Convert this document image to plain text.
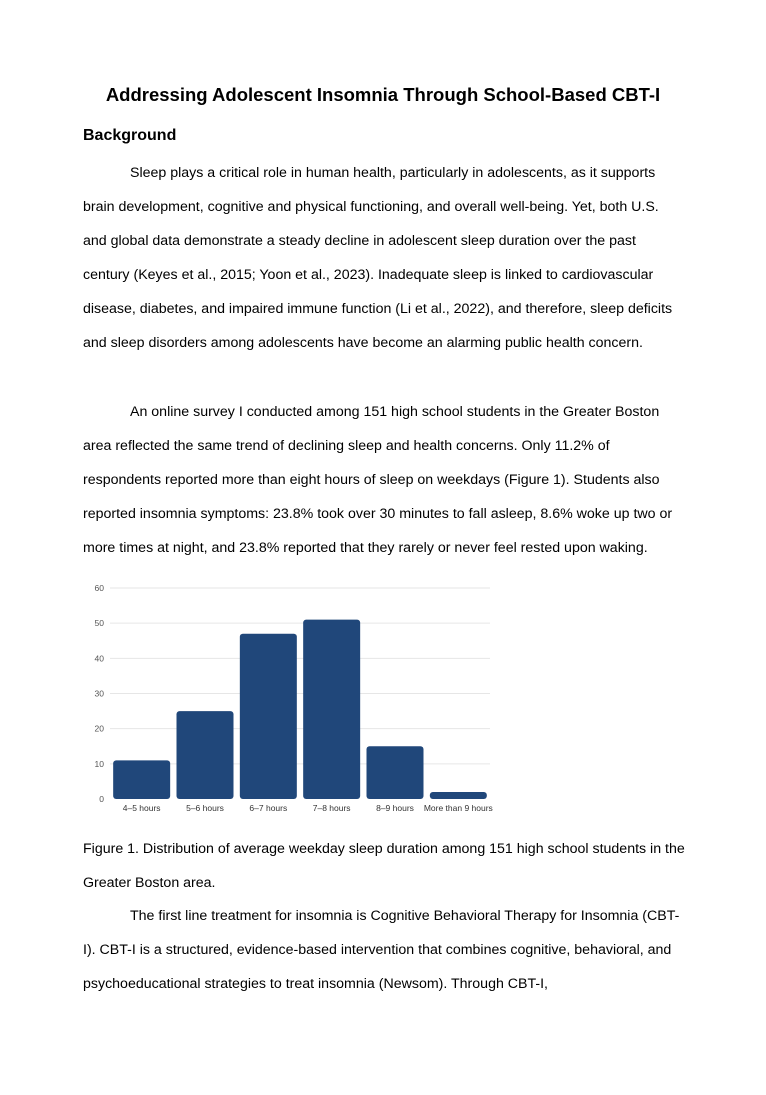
Addressing Adolescent Insomnia Through School-Based CBT-I
Background

Sleep plays a critical role in human health, particularly in adolescents, as it supports brain development, cognitive and physical functioning, and overall well-being. Yet, both U.S. and global data demonstrate a steady decline in adolescent sleep duration over the past century (Keyes et al., 2015; Yoon et al., 2023). Inadequate sleep is linked to cardiovascular disease, diabetes, and impaired immune function (Li et al., 2022), and therefore, sleep deficits and sleep disorders among adolescents have become an alarming public health concern.

An online survey I conducted among 151 high school students in the Greater Boston area reflected the same trend of declining sleep and health concerns. Only 11.2% of respondents reported more than eight hours of sleep on weekdays (Figure 1). Students also reported insomnia symptoms: 23.8% took over 30 minutes to fall asleep, 8.6% woke up two or more times at night, and 23.8% reported that they rarely or never feel rested upon waking.

0
10
20
30
40
50
60
4–5 hours	5–6 hours	6–7 hours	7–8 hours	8–9 hours More than 9 hours

Figure 1. Distribution of average weekday sleep duration among 151 high school students in the Greater Boston area.

The first line treatment for insomnia is Cognitive Behavioral Therapy for Insomnia (CBT-I). CBT-I is a structured, evidence-based intervention that combines cognitive, behavioral, and psychoeducational strategies to treat insomnia (Newsom). Through CBT-I,
